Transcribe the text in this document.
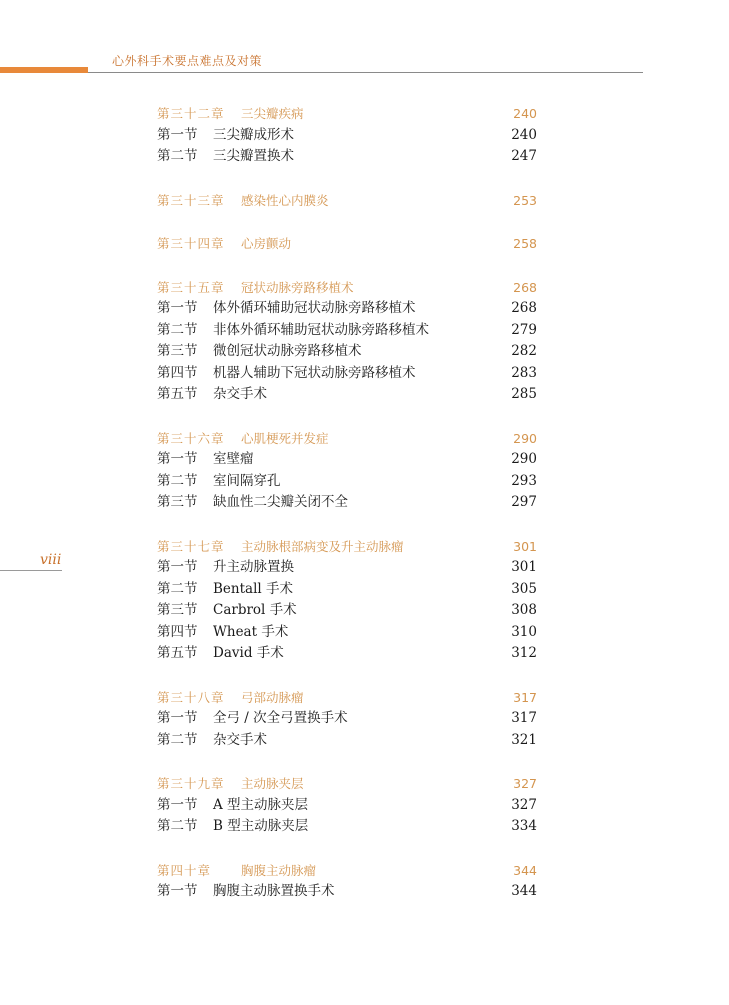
心外科手术要点难点及对策
viii
第三十二章 三尖瓣疾病	240
第一节 三尖瓣成形术	240
第二节 三尖瓣置换术	247
第三十三章 感染性心内膜炎	253
第三十四章 心房颤动	258
第三十五章 冠状动脉旁路移植术	268
第一节 体外循环辅助冠状动脉旁路移植术	268
第二节 非体外循环辅助冠状动脉旁路移植术	279
第三节 微创冠状动脉旁路移植术	282
第四节 机器人辅助下冠状动脉旁路移植术	283
第五节 杂交手术	285
第三十六章 心肌梗死并发症	290
第一节 室壁瘤	290
第二节 室间隔穿孔	293
第三节 缺血性二尖瓣关闭不全	297
第三十七章 主动脉根部病变及升主动脉瘤	301
第一节 升主动脉置换	301
第二节 Bentall 手术	305
第三节 Carbrol 手术	308
第四节 Wheat 手术	310
第五节 David 手术	312
第三十八章 弓部动脉瘤	317
第一节 全弓 / 次全弓置换手术	317
第二节 杂交手术	321
第三十九章 主动脉夹层	327
第一节 A 型主动脉夹层	327
第二节 B 型主动脉夹层	334
第四十章 胸腹主动脉瘤	344
第一节 胸腹主动脉置换手术	344
